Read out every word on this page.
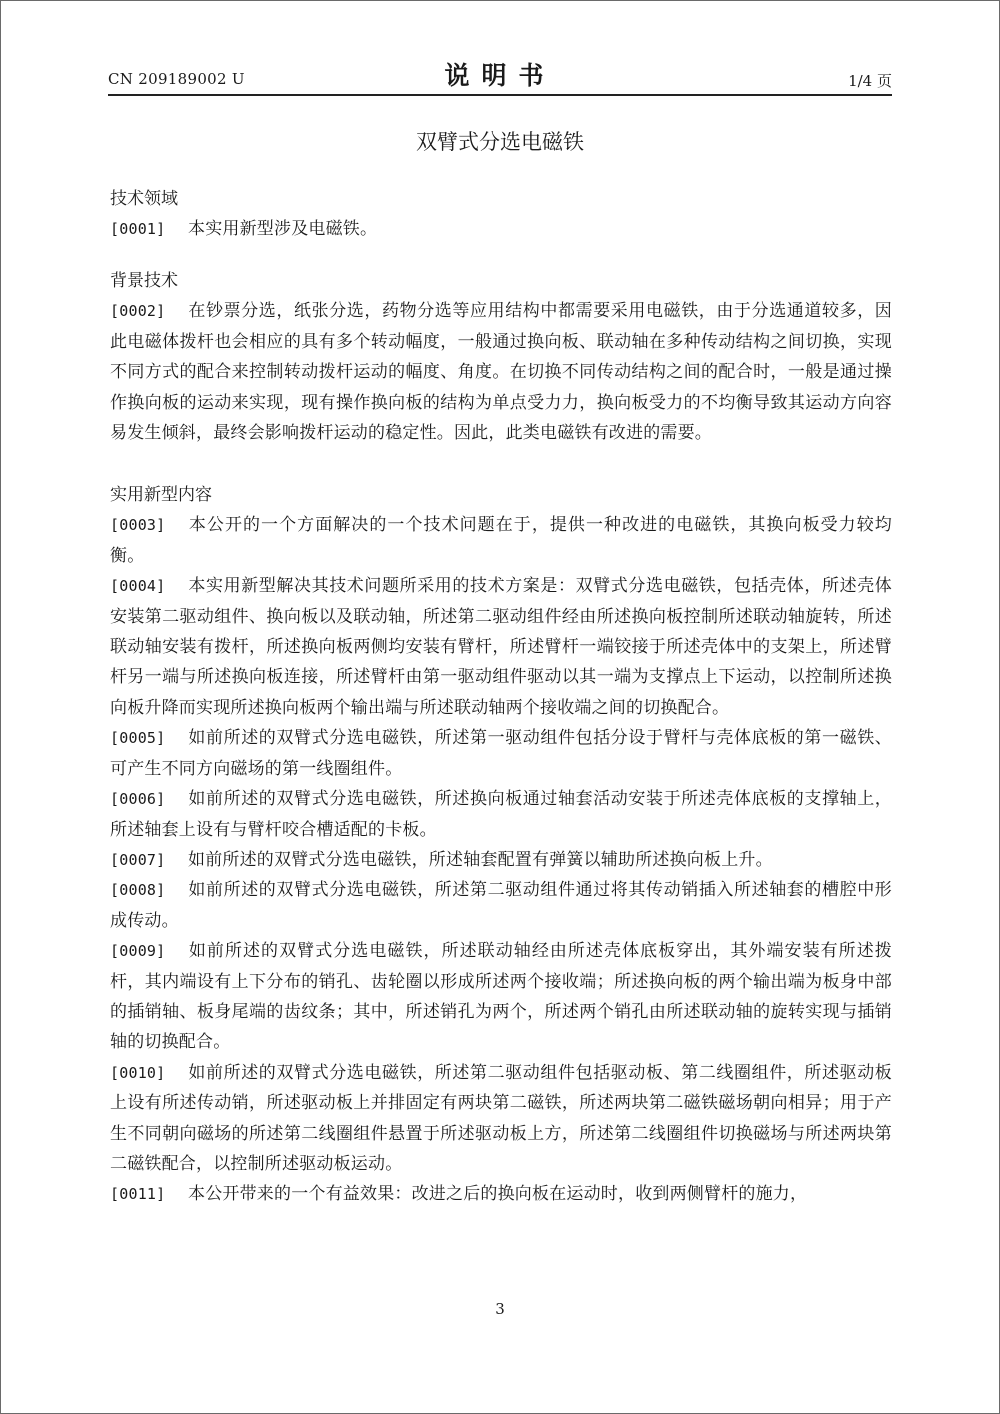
CN 209189002 U	说明书	1/4 页
双臂式分选电磁铁
技术领域
[0001] 本实用新型涉及电磁铁。
背景技术
[0002] 在钞票分选，纸张分选，药物分选等应用结构中都需要采用电磁铁，由于分选通道较多，因此电磁体拨杆也会相应的具有多个转动幅度，一般通过换向板、联动轴在多种传动结构之间切换，实现不同方式的配合来控制转动拨杆运动的幅度、角度。在切换不同传动结构之间的配合时，一般是通过操作换向板的运动来实现，现有操作换向板的结构为单点受力力，换向板受力的不均衡导致其运动方向容易发生倾斜，最终会影响拨杆运动的稳定性。因此，此类电磁铁有改进的需要。
实用新型内容
[0003] 本公开的一个方面解决的一个技术问题在于，提供一种改进的电磁铁，其换向板受力较均衡。
[0004] 本实用新型解决其技术问题所采用的技术方案是：双臂式分选电磁铁，包括壳体，所述壳体安装第二驱动组件、换向板以及联动轴，所述第二驱动组件经由所述换向板控制所述联动轴旋转，所述联动轴安装有拨杆，所述换向板两侧均安装有臂杆，所述臂杆一端铰接于所述壳体中的支架上，所述臂杆另一端与所述换向板连接，所述臂杆由第一驱动组件驱动以其一端为支撑点上下运动，以控制所述换向板升降而实现所述换向板两个输出端与所述联动轴两个接收端之间的切换配合。
[0005] 如前所述的双臂式分选电磁铁，所述第一驱动组件包括分设于臂杆与壳体底板的第一磁铁、可产生不同方向磁场的第一线圈组件。
[0006] 如前所述的双臂式分选电磁铁，所述换向板通过轴套活动安装于所述壳体底板的支撑轴上，所述轴套上设有与臂杆咬合槽适配的卡板。
[0007] 如前所述的双臂式分选电磁铁，所述轴套配置有弹簧以辅助所述换向板上升。
[0008] 如前所述的双臂式分选电磁铁，所述第二驱动组件通过将其传动销插入所述轴套的槽腔中形成传动。
[0009] 如前所述的双臂式分选电磁铁，所述联动轴经由所述壳体底板穿出，其外端安装有所述拨杆，其内端设有上下分布的销孔、齿轮圈以形成所述两个接收端；所述换向板的两个输出端为板身中部的插销轴、板身尾端的齿纹条；其中，所述销孔为两个，所述两个销孔由所述联动轴的旋转实现与插销轴的切换配合。
[0010] 如前所述的双臂式分选电磁铁，所述第二驱动组件包括驱动板、第二线圈组件，所述驱动板上设有所述传动销，所述驱动板上并排固定有两块第二磁铁，所述两块第二磁铁磁场朝向相异；用于产生不同朝向磁场的所述第二线圈组件悬置于所述驱动板上方，所述第二线圈组件切换磁场与所述两块第二磁铁配合，以控制所述驱动板运动。
[0011] 本公开带来的一个有益效果：改进之后的换向板在运动时，收到两侧臂杆的施力，
3
